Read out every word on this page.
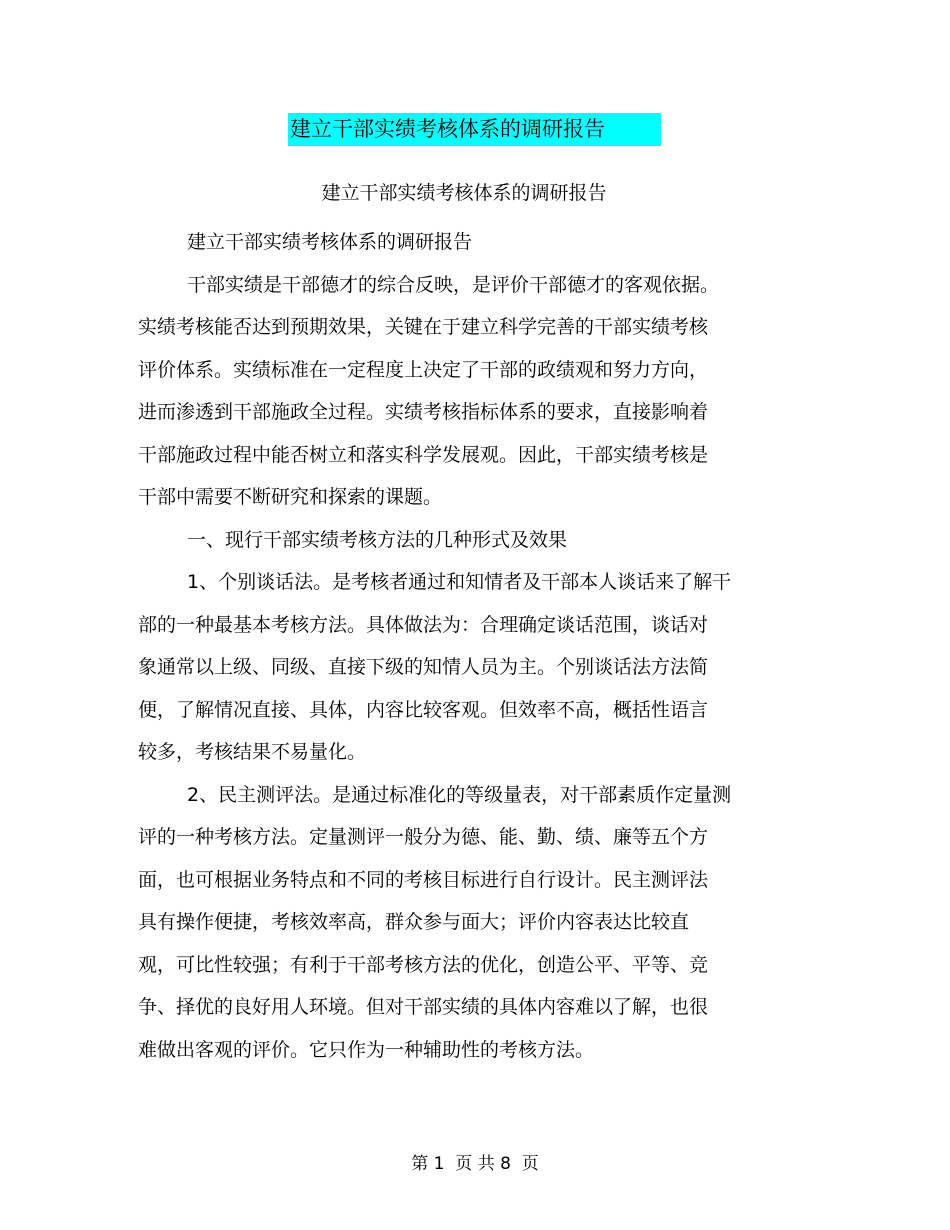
建立干部实绩考核体系的调研报告
建立干部实绩考核体系的调研报告
建立干部实绩考核体系的调研报告
干部实绩是干部德才的综合反映，是评价干部德才的客观依据。
实绩考核能否达到预期效果，关键在于建立科学完善的干部实绩考核
评价体系。实绩标准在一定程度上决定了干部的政绩观和努力方向，
进而渗透到干部施政全过程。实绩考核指标体系的要求，直接影响着
干部施政过程中能否树立和落实科学发展观。因此，干部实绩考核是
干部中需要不断研究和探索的课题。
一、现行干部实绩考核方法的几种形式及效果
1、个别谈话法。是考核者通过和知情者及干部本人谈话来了解干
部的一种最基本考核方法。具体做法为：合理确定谈话范围，谈话对
象通常以上级、同级、直接下级的知情人员为主。个别谈话法方法简
便，了解情况直接、具体，内容比较客观。但效率不高，概括性语言
较多，考核结果不易量化。
2、民主测评法。是通过标准化的等级量表，对干部素质作定量测
评的一种考核方法。定量测评一般分为德、能、勤、绩、廉等五个方
面，也可根据业务特点和不同的考核目标进行自行设计。民主测评法
具有操作便捷，考核效率高，群众参与面大；评价内容表达比较直
观，可比性较强；有利于干部考核方法的优化，创造公平、平等、竞
争、择优的良好用人环境。但对干部实绩的具体内容难以了解，也很
难做出客观的评价。它只作为一种辅助性的考核方法。
第 1  页 共 8  页
